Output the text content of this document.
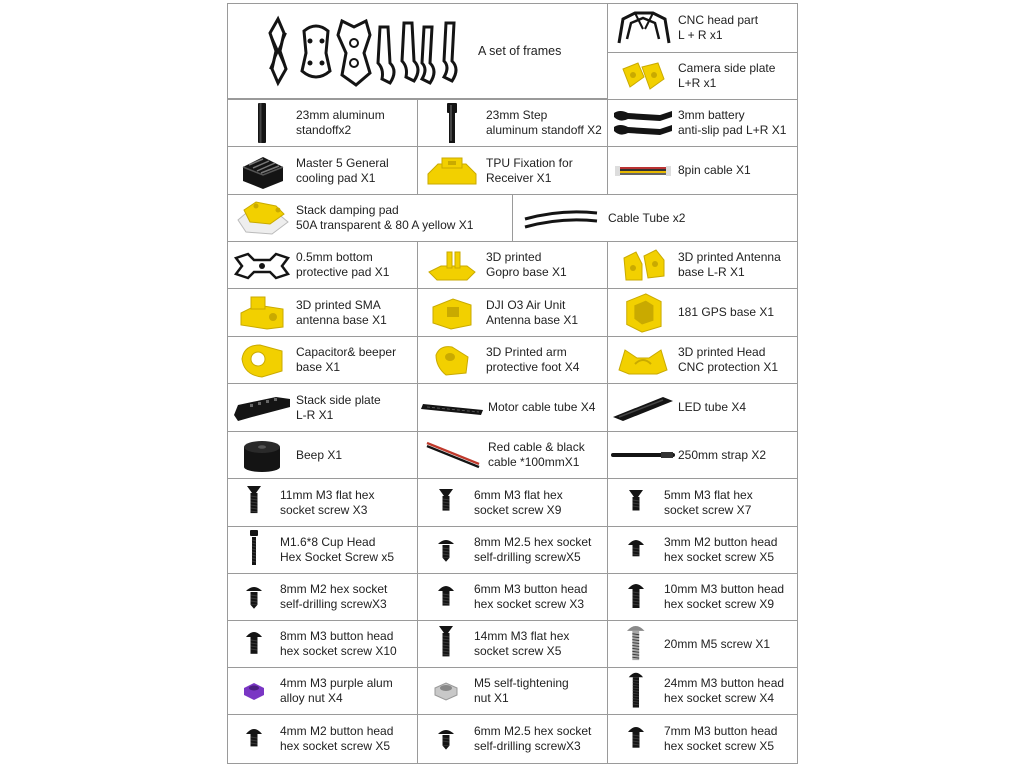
A set of frames
CNC head part
L + R x1
Camera side plate
L+R x1
23mm aluminum
standoffx2
23mm Step
aluminum standoff X2
3mm battery
anti-slip pad L+R X1
Master 5 General
cooling pad X1
TPU Fixation for
Receiver X1
8pin cable X1
Stack damping pad
50A transparent & 80 A yellow X1
Cable Tube x2
0.5mm bottom
protective pad X1
3D printed
Gopro base X1
3D printed Antenna
base L-R X1
3D printed SMA
antenna base X1
DJI O3 Air Unit
Antenna base X1
181 GPS base X1
Capacitor& beeper
base X1
3D Printed arm
protective foot X4
3D printed Head
CNC protection X1
Stack side plate
L-R X1
Motor cable tube X4	LED tube X4
Beep X1
Red cable & black
cable *100mmX1
250mm strap X2
11mm M3 flat hex
socket screw X3
6mm M3 flat hex
socket screw X9
5mm M3 flat hex
socket screw X7
M1.6*8 Cup Head
Hex Socket Screw x5
8mm M2.5 hex socket
self-drilling screwX5
3mm M2 button head
hex socket screw X5
8mm M2 hex socket
self-drilling screwX3
6mm M3 button head
hex socket screw X3
10mm M3 button head
hex socket screw X9
8mm M3 button head
hex socket screw X10
14mm M3 flat hex
socket screw X5
20mm M5 screw X1
4mm M3 purple alum
alloy nut X4
M5 self-tightening
nut X1
24mm M3 button head
hex socket screw X4
4mm M2 button head
hex socket screw X5
6mm M2.5 hex socket
self-drilling screwX3
7mm M3 button head
hex socket screw X5
